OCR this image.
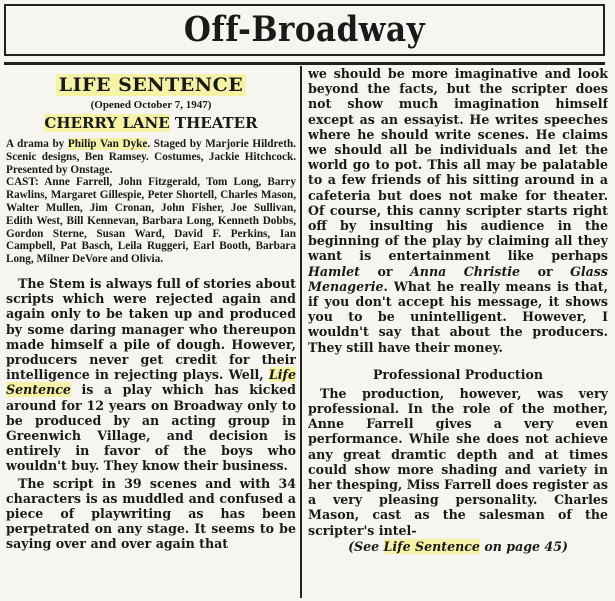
Off-Broadway
LIFE SENTENCE
(Opened October 7, 1947)
CHERRY LANE THEATER

A drama by Philip Van Dyke. Staged by Marjorie Hildreth. Scenic designs, Ben Ramsey. Costumes, Jackie Hitchcock. Presented by Onstage.

CAST: Anne Farrell, John Fitzgerald, Tom Long, Barry Rawlins, Margaret Gillespie, Peter Shortell, Charles Mason, Walter Mullen, Jim Cronan, John Fisher, Joe Sullivan, Edith West, Bill Kennevan, Barbara Long, Kenneth Dobbs, Gordon Sterne, Susan Ward, David F. Perkins, Ian Campbell, Pat Basch, Leila Ruggeri, Earl Booth, Barbara Long, Milner DeVore and Olivia.

The Stem is always full of stories about scripts which were rejected again and again only to be taken up and produced by some daring manager who thereupon made himself a pile of dough. However, producers never get credit for their intelligence in rejecting plays. Well, Life Sentence is a play which has kicked around for 12 years on Broadway only to be produced by an acting group in Greenwich Village, and decision is entirely in favor of the boys who wouldn't buy. They know their business.

The script in 39 scenes and with 34 characters is as muddled and confused a piece of playwriting as has been perpetrated on any stage. It seems to be saying over and over again that

we should be more imaginative and look beyond the facts, but the scripter does not show much imagination himself except as an essayist. He writes speeches where he should write scenes. He claims we should all be individuals and let the world go to pot. This all may be palatable to a few friends of his sitting around in a cafeteria but does not make for theater. Of course, this canny scripter starts right off by insulting his audience in the beginning of the play by claiming all they want is entertainment like perhaps Hamlet or Anna Christie or Glass Menagerie. What he really means is that, if you don't accept his message, it shows you to be unintelligent. However, I wouldn't say that about the producers. They still have their money.

Professional Production

The production, however, was very professional. In the role of the mother, Anne Farrell gives a very even performance. While she does not achieve any great dramtic depth and at times could show more shading and variety in her thesping, Miss Farrell does register as a very pleasing personality. Charles Mason, cast as the salesman of the scripter's intel-

(See Life Sentence on page 45)
